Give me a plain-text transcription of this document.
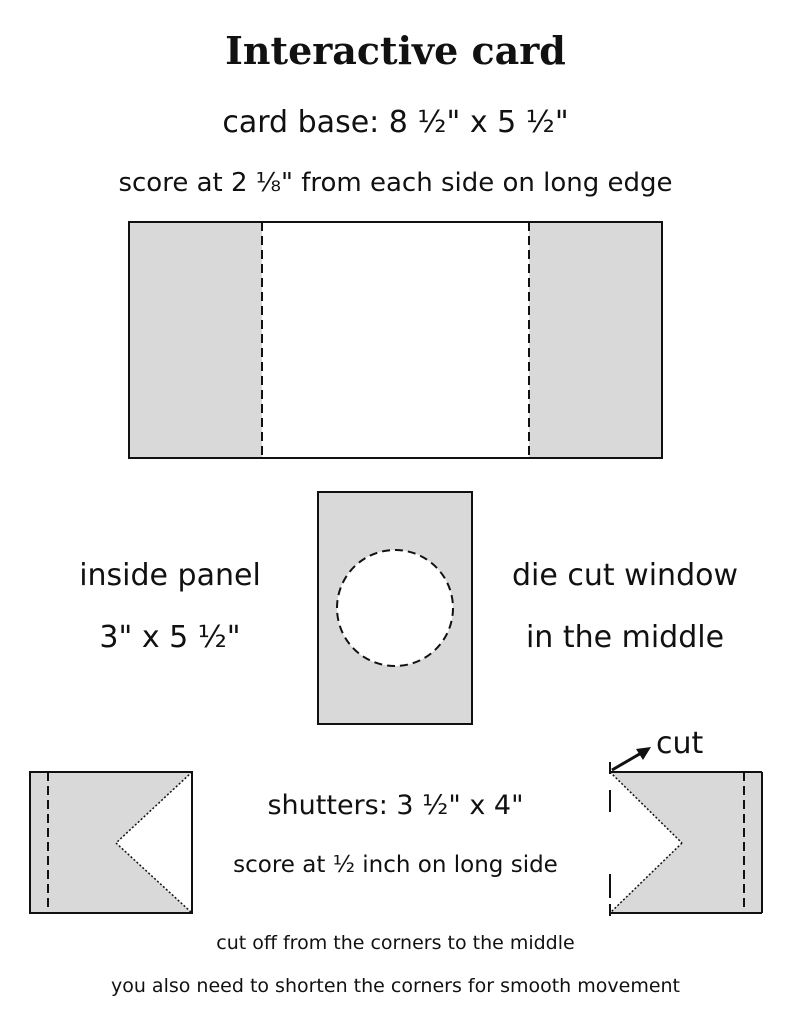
Interactive card
card base: 8 ½" x 5 ½"
score at 2 ⅛" from each side on long edge
inside panel
3" x 5 ½"
die cut window
in the middle
cut
shutters: 3 ½" x 4"
score at ½ inch on long side
cut off from the corners to the middle
you also need to shorten the corners for smooth movement
